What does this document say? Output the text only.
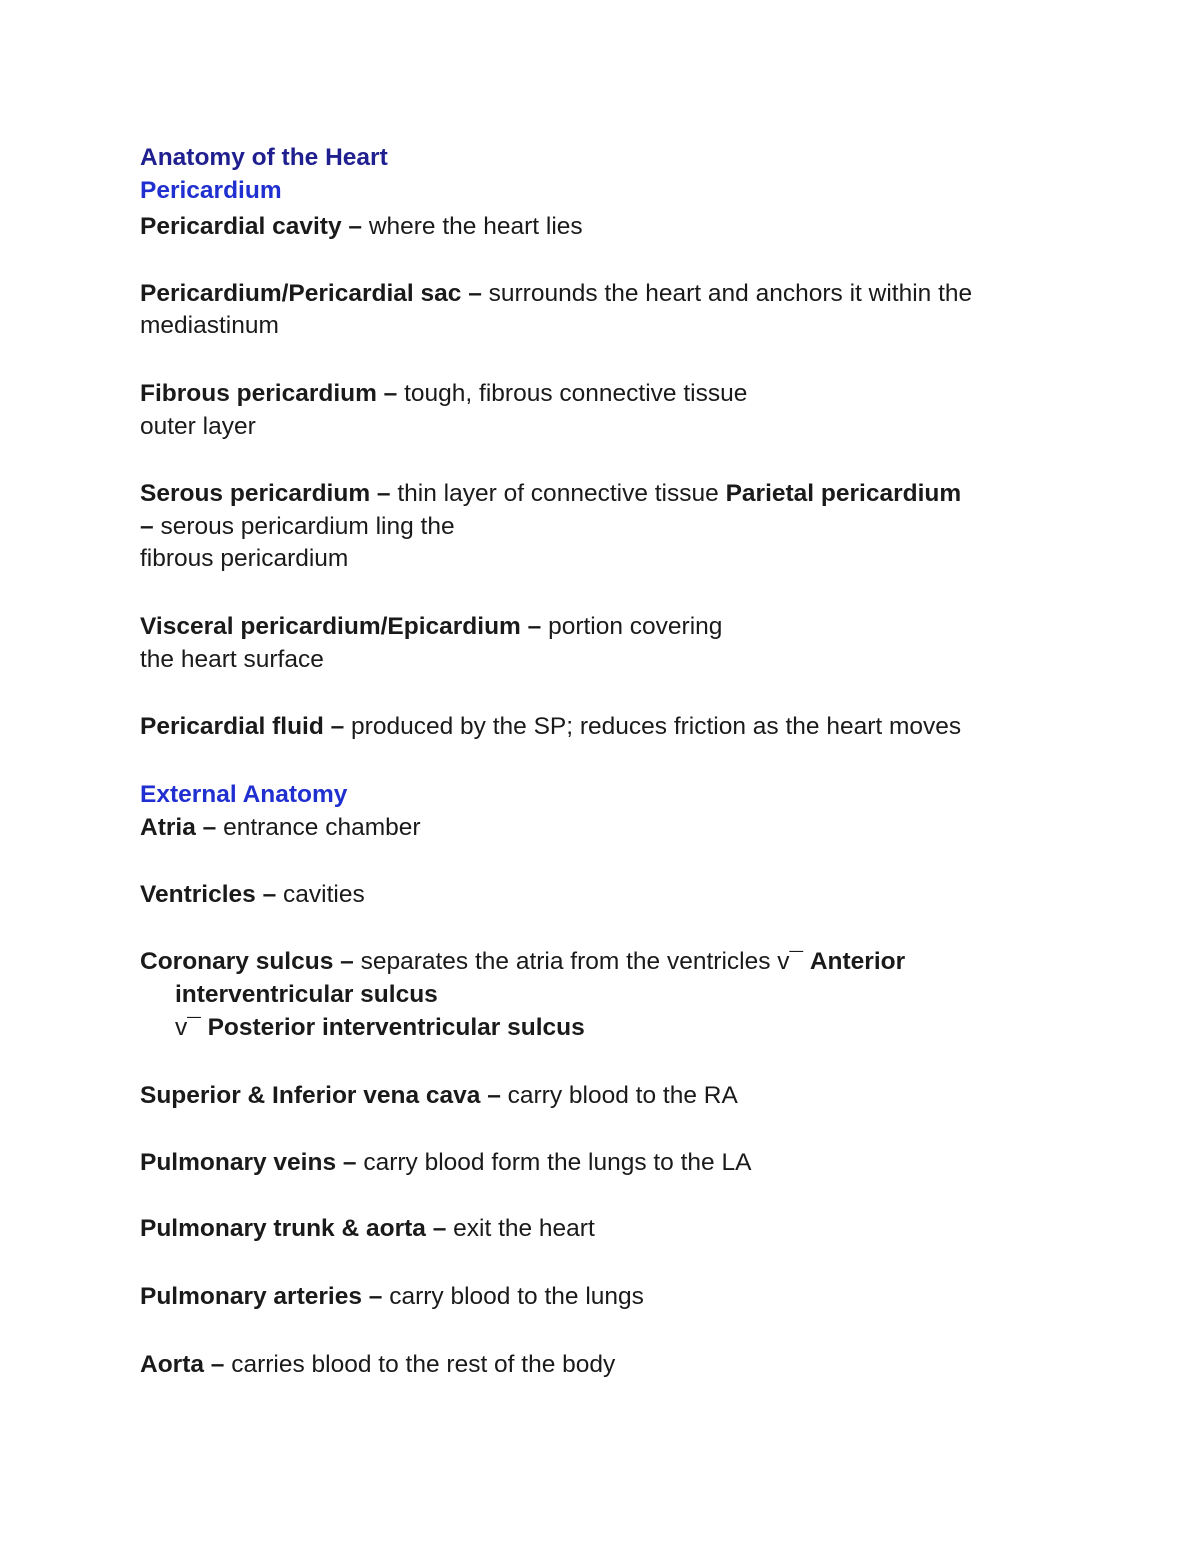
Anatomy of the Heart
Pericardium
Pericardial cavity – where the heart lies
Pericardium/Pericardial sac – surrounds the heart and anchors it within the
mediastinum
Fibrous pericardium – tough, fibrous connective tissue
outer layer
Serous pericardium – thin layer of connective tissue Parietal pericardium
– serous pericardium ling the
fibrous pericardium
Visceral pericardium/Epicardium – portion covering
the heart surface
Pericardial fluid – produced by the SP; reduces friction as the heart moves
External Anatomy
Atria – entrance chamber
Ventricles – cavities
Coronary sulcus – separates the atria from the ventricles v¯ Anterior
interventricular sulcus
v¯ Posterior interventricular sulcus
Superior & Inferior vena cava – carry blood to the RA
Pulmonary veins – carry blood form the lungs to the LA
Pulmonary trunk & aorta – exit the heart
Pulmonary arteries – carry blood to the lungs
Aorta – carries blood to the rest of the body
